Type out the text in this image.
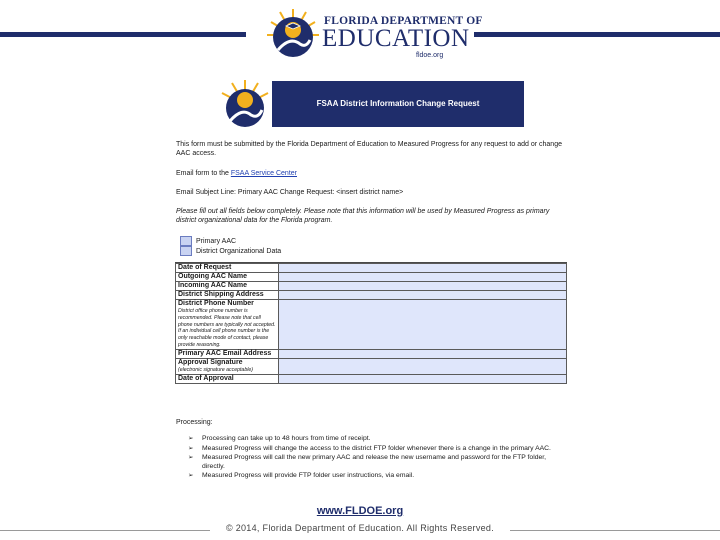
FLORIDA DEPARTMENT OF
EDUCATION
fldoe.org
FSAA District Information Change Request
This form must be submitted by the Florida Department of Education to Measured Progress for any request to add or change AAC access.
Email form to the FSAA Service Center
Email Subject Line: Primary AAC Change Request: <insert district name>
Please fill out all fields below completely. Please note that this information will be used by Measured Progress as primary district organizational data for the Florida program.
Primary AAC
District Organizational Data
Date of Request	
Outgoing AAC Name	
Incoming AAC Name	
District Shipping Address	
District Phone Number
District office phone number is recommended. Please note that cell phone numbers are typically not accepted. If an individual cell phone number is the only reachable mode of contact, please provide reasoning.	

Primary AAC Email Address	
Approval Signature
(electronic signature acceptable)	

Date of Approval	
Processing:
➢ Processing can take up to 48 hours from time of receipt.
➢ Measured Progress will change the access to the district FTP folder whenever there is a change in the primary AAC.
➢ Measured Progress will call the new primary AAC and release the new username and password for the FTP folder, directly.
➢ Measured Progress will provide FTP folder user instructions, via email.
www.FLDOE.org
© 2014, Florida Department of Education. All Rights Reserved.
